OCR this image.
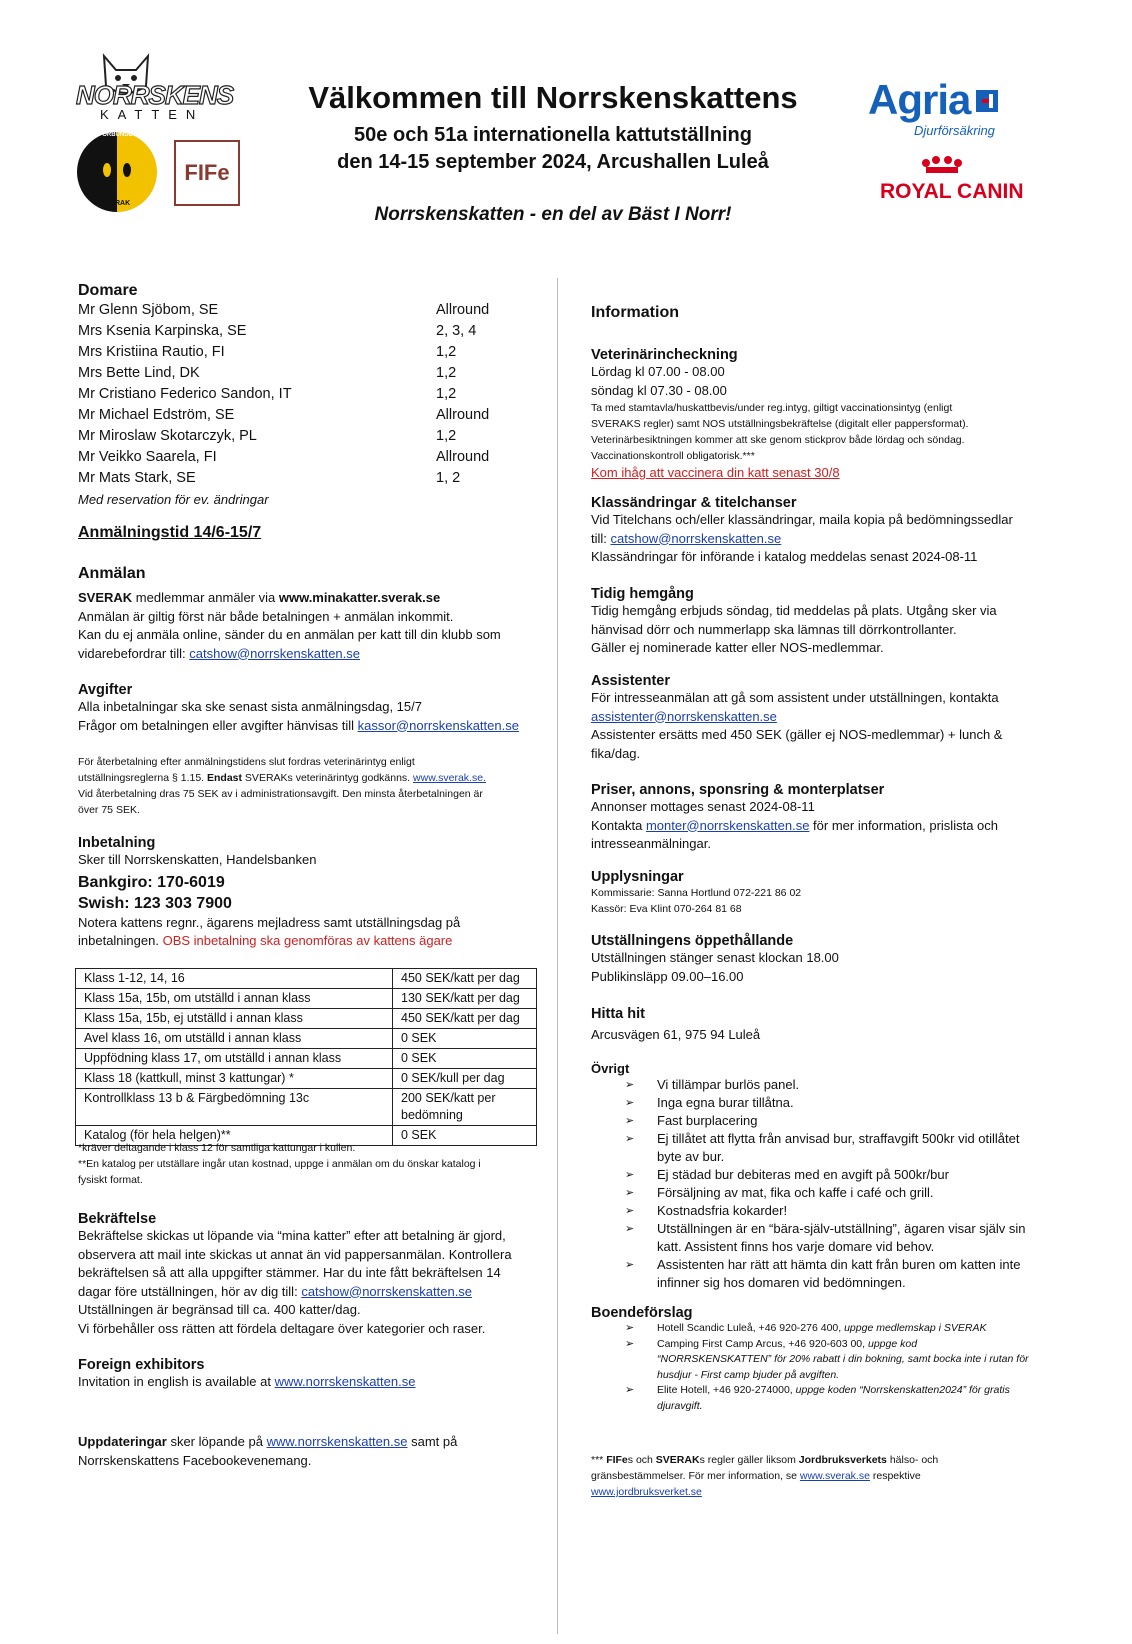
NORRSKENS
KATTEN
KATTFÖRBUNDET
SVERAK
FIFe
Välkommen till Norrskenskattens
50e och 51a internationella kattutställning
den 14-15 september 2024, Arcushallen Luleå
Norrskenskatten - en del av Bäst I Norr!
Agria
Djurförsäkring
ROYAL CANIN

Domare

Mr Glenn Sjöbom, SE	Allround
Mrs Ksenia Karpinska, SE	2, 3, 4
Mrs Kristiina Rautio, FI	1,2
Mrs Bette Lind, DK	1,2
Mr Cristiano Federico Sandon, IT	1,2
Mr Michael Edström, SE	Allround
Mr Miroslaw Skotarczyk, PL	1,2
Mr Veikko Saarela, FI	Allround
Mr Mats Stark, SE	1, 2

Med reservation för ev. ändringar

Anmälningstid 14/6-15/7

Anmälan

SVERAK medlemmar anmäler via www.minakatter.sverak.se

Anmälan är giltig först när både betalningen + anmälan inkommit.

Kan du ej anmäla online, sänder du en anmälan per katt till din klubb som

vidarebefordrar till: catshow@norrskenskatten.se

Avgifter

Alla inbetalningar ska ske senast sista anmälningsdag, 15/7

Frågor om betalningen eller avgifter hänvisas till kassor@norrskenskatten.se

För återbetalning efter anmälningstidens slut fordras veterinärintyg enligt

utställningsreglerna § 1.15. Endast SVERAKs veterinärintyg godkänns. www.sverak.se.

Vid återbetalning dras 75 SEK av i administrationsavgift. Den minsta återbetalningen är

över 75 SEK.

Inbetalning

Sker till Norrskenskatten, Handelsbanken

Bankgiro: 170-6019

Swish: 123 303 7900

Notera kattens regnr., ägarens mejladress samt utställningsdag på

inbetalningen. OBS inbetalning ska genomföras av kattens ägare

Klass 1-12, 14, 16	450 SEK/katt per dag
Klass 15a, 15b, om utställd i annan klass	130 SEK/katt per dag
Klass 15a, 15b, ej utställd i annan klass	450 SEK/katt per dag
Avel klass 16, om utställd i annan klass	0 SEK
Uppfödning klass 17, om utställd i annan klass	0 SEK
Klass 18 (kattkull, minst 3 kattungar) *	0 SEK/kull per dag
Kontrollklass 13 b & Färgbedömning 13c	200 SEK/katt per bedömning
Katalog (för hela helgen)**	0 SEK

*kräver deltagande i klass 12 för samtliga kattungar i kullen.

**En katalog per utställare ingår utan kostnad, uppge i anmälan om du önskar katalog i

fysiskt format.

Bekräftelse

Bekräftelse skickas ut löpande via “mina katter” efter att betalning är gjord,

observera att mail inte skickas ut annat än vid pappersanmälan. Kontrollera

bekräftelsen så att alla uppgifter stämmer. Har du inte fått bekräftelsen 14

dagar före utställningen, hör av dig till: catshow@norrskenskatten.se

Utställningen är begränsad till ca. 400 katter/dag.

Vi förbehåller oss rätten att fördela deltagare över kategorier och raser.

Foreign exhibitors

Invitation in english is available at www.norrskenskatten.se

Uppdateringar sker löpande på www.norrskenskatten.se samt på

Norrskenskattens Facebookevenemang.

Information

Veterinärincheckning

Lördag kl 07.00 - 08.00

söndag kl 07.30 - 08.00

Ta med stamtavla/huskattbevis/under reg.intyg, giltigt vaccinationsintyg (enligt

SVERAKS regler) samt NOS utställningsbekräftelse (digitalt eller pappersformat).

Veterinärbesiktningen kommer att ske genom stickprov både lördag och söndag.

Vaccinationskontroll obligatorisk.***

Kom ihåg att vaccinera din katt senast 30/8

Klassändringar & titelchanser

Vid Titelchans och/eller klassändringar, maila kopia på bedömningssedlar

till: catshow@norrskenskatten.se

Klassändringar för införande i katalog meddelas senast 2024-08-11

Tidig hemgång

Tidig hemgång erbjuds söndag, tid meddelas på plats. Utgång sker via

hänvisad dörr och nummerlapp ska lämnas till dörrkontrollanter.

Gäller ej nominerade katter eller NOS-medlemmar.

Assistenter

För intresseanmälan att gå som assistent under utställningen, kontakta

assistenter@norrskenskatten.se

Assistenter ersätts med 450 SEK (gäller ej NOS-medlemmar) + lunch &

fika/dag.

Priser, annons, sponsring & monterplatser

Annonser mottages senast 2024-08-11

Kontakta monter@norrskenskatten.se för mer information, prislista och

intresseanmälningar.

Upplysningar

Kommissarie: Sanna Hortlund 072-221 86 02

Kassör: Eva Klint 070-264 81 68

Utställningens öppethållande

Utställningen stänger senast klockan 18.00

Publikinsläpp 09.00–16.00

Hitta hit

Arcusvägen 61, 975 94 Luleå

Övrigt

➢ Vi tillämpar burlös panel.
➢ Inga egna burar tillåtna.
➢ Fast burplacering
➢ Ej tillåtet att flytta från anvisad bur, straffavgift 500kr vid otillåtet byte av bur.
➢ Ej städad bur debiteras med en avgift på 500kr/bur
➢ Försäljning av mat, fika och kaffe i café och grill.
➢ Kostnadsfria kokarder!
➢ Utställningen är en “bära-själv-utställning”, ägaren visar själv sin katt. Assistent finns hos varje domare vid behov.
➢ Assistenten har rätt att hämta din katt från buren om katten inte infinner sig hos domaren vid bedömningen.

Boendeförslag

➢ Hotell Scandic Luleå, +46 920-276 400, uppge medlemskap i SVERAK
➢ Camping First Camp Arcus, +46 920-603 00, uppge kod “NORRSKENSKATTEN” för 20% rabatt i din bokning, samt bocka inte i rutan för husdjur - First camp bjuder på avgiften.
➢ Elite Hotell, +46 920-274000, uppge koden “Norrskenskatten2024” för gratis djuravgift.

*** FIFes och SVERAKs regler gäller liksom Jordbruksverkets hälso- och

gränsbestämmelser. För mer information, se www.sverak.se respektive

www.jordbruksverket.se
